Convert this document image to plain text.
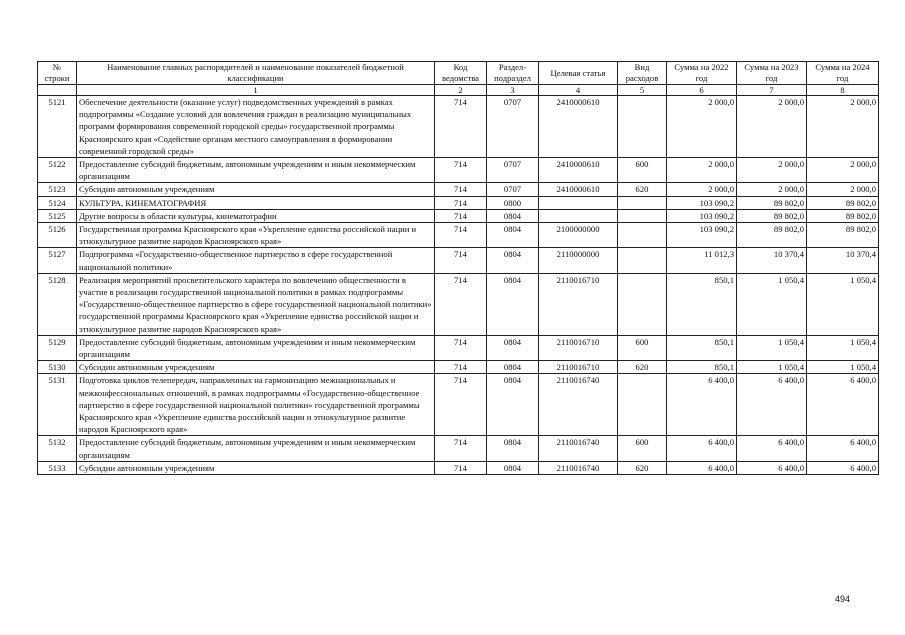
№ строки	Наименование главных распорядителей и наименование показателей бюджетной классификации	Код ведомства	Раздел-подраздел	Целевая статья	Вид расходов	Сумма на 2022 год	Сумма на 2023 год	Сумма на 2024 год
	1	2	3	4	5	6	7	8
5121	Обеспечение деятельности (оказание услуг) подведомственных учреждений в рамках подпрограммы «Создание условий для вовлечения граждан в реализацию муниципальных программ формирования современной городской среды» государственной программы Красноярского края «Содействие органам местного самоуправления в формировании современной городской среды»	714	0707	2410000610		2 000,0	2 000,0	2 000,0
5122	Предоставление субсидий бюджетным, автономным учреждениям и иным некоммерческим организациям	714	0707	2410000610	600	2 000,0	2 000,0	2 000,0
5123	Субсидии автономным учреждениям	714	0707	2410000610	620	2 000,0	2 000,0	2 000,0
5124	КУЛЬТУРА, КИНЕМАТОГРАФИЯ	714	0800			103 090,2	89 802,0	89 802,0
5125	Другие вопросы в области культуры, кинематографии	714	0804			103 090,2	89 802,0	89 802,0
5126	Государственная программа Красноярского края «Укрепление единства российской нации и этнокультурное развитие народов Красноярского края»	714	0804	2100000000		103 090,2	89 802,0	89 802,0
5127	Подпрограмма «Государственно-общественное партнерство в сфере государственной национальной политики»	714	0804	2110000000		11 012,3	10 370,4	10 370,4
5128	Реализация мероприятий просветительского характера по вовлечению общественности в участие в реализации государственной национальной политики в рамках подпрограммы «Государственно-общественное партнерство в сфере государственной национальной политики» государственной программы Красноярского края «Укрепление единства российской нации и этнокультурное развитие народов Красноярского края»	714	0804	2110016710		850,1	1 050,4	1 050,4
5129	Предоставление субсидий бюджетным, автономным учреждениям и иным некоммерческим организациям	714	0804	2110016710	600	850,1	1 050,4	1 050,4
5130	Субсидии автономным учреждениям	714	0804	2110016710	620	850,1	1 050,4	1 050,4
5131	Подготовка циклов телепередач, направленных на гармонизацию межнациональных и межконфессиональных отношений, в рамках подпрограммы «Государственно-общественное партнерство в сфере государственной национальной политики» государственной программы Красноярского края «Укрепление единства российской нации и этнокультурное развитие народов Красноярского края»	714	0804	2110016740		6 400,0	6 400,0	6 400,0
5132	Предоставление субсидий бюджетным, автономным учреждениям и иным некоммерческим организациям	714	0804	2110016740	600	6 400,0	6 400,0	6 400,0
5133	Субсидии автономным учреждениям	714	0804	2110016740	620	6 400,0	6 400,0	6 400,0
494
